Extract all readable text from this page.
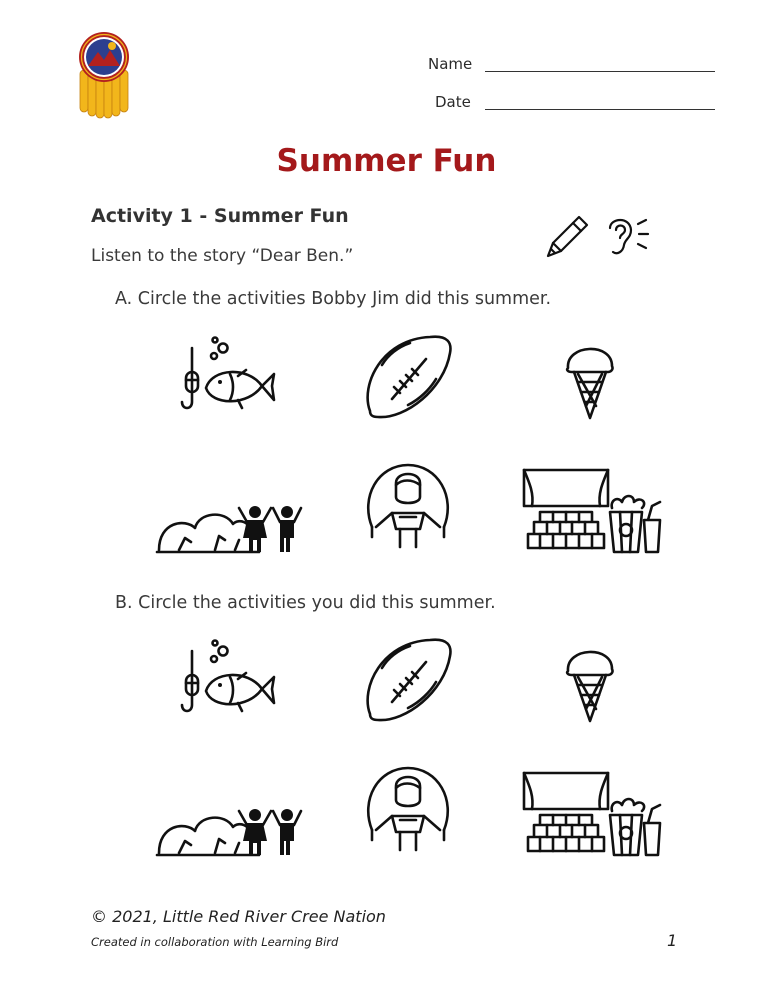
Name
Date
Summer Fun
Activity 1 - Summer Fun
Listen to the story “Dear Ben.”
A. Circle the activities Bobby Jim did this summer.
B. Circle the activities you did this summer.
© 2021, Little Red River Cree Nation
Created in collaboration with Learning Bird	1
